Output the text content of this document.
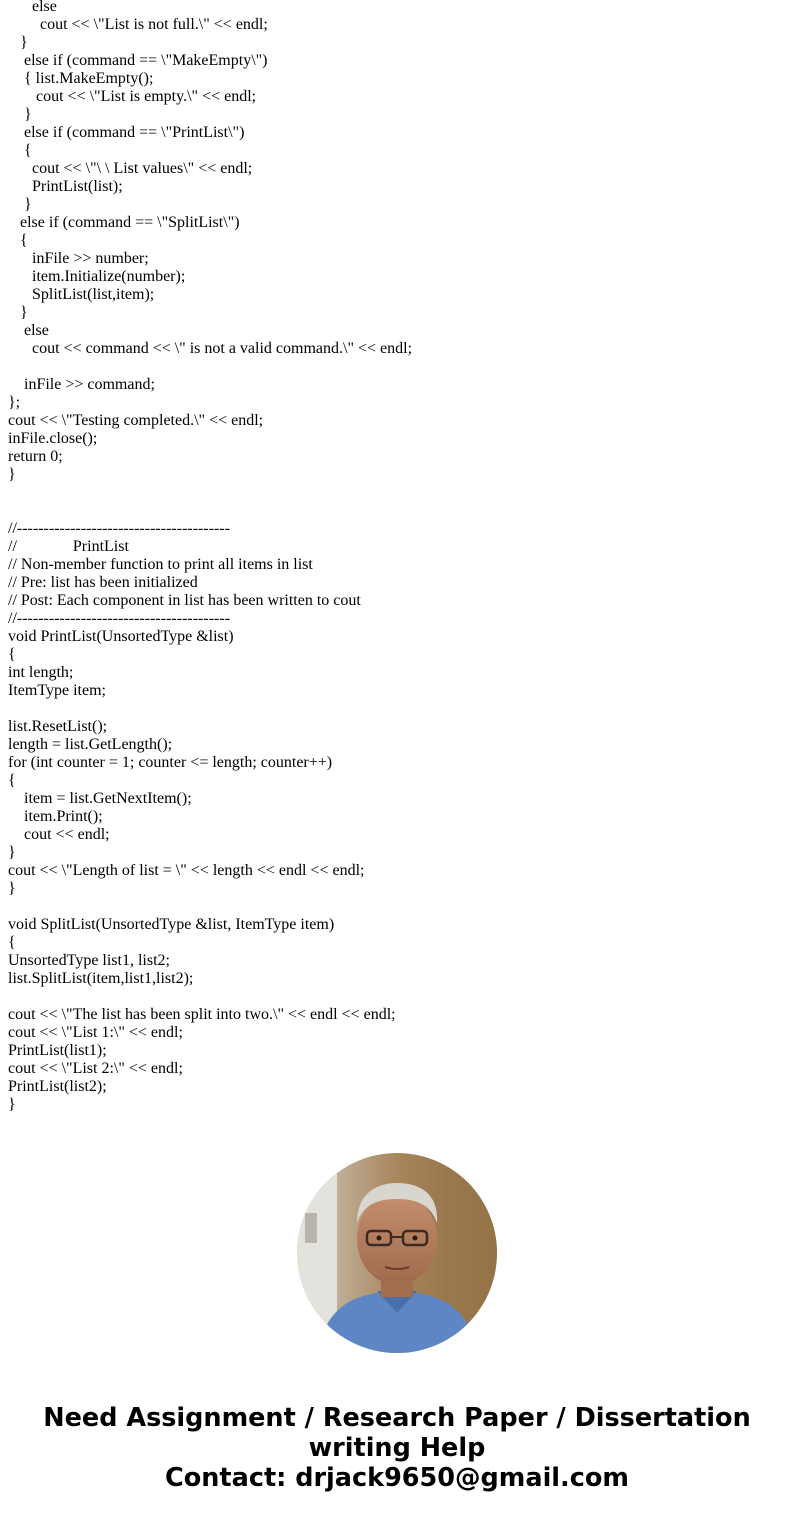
else
cout << \"List is not full.\" << endl;
}
else if (command == \"MakeEmpty\")
{ list.MakeEmpty();
cout << \"List is empty.\" << endl;
}
else if (command == \"PrintList\")
{
cout << \"\ \ List values\" << endl;
PrintList(list);
}
else if (command == \"SplitList\")
{
inFile >> number;
item.Initialize(number);
SplitList(list,item);
}
else
cout << command << \" is not a valid command.\" << endl;
inFile >> command;
};
cout << \"Testing completed.\" << endl;
inFile.close();
return 0;
}
//----------------------------------------
//              PrintList
// Non-member function to print all items in list
// Pre: list has been initialized
// Post: Each component in list has been written to cout
//----------------------------------------
void PrintList(UnsortedType &list)
{
int length;
ItemType item;
list.ResetList();
length = list.GetLength();
for (int counter = 1; counter <= length; counter++)
{
item = list.GetNextItem();
item.Print();
cout << endl;
}
cout << \"Length of list = \" << length << endl << endl;
}
void SplitList(UnsortedType &list, ItemType item)
{
UnsortedType list1, list2;
list.SplitList(item,list1,list2);
cout << \"The list has been split into two.\" << endl << endl;
cout << \"List 1:\" << endl;
PrintList(list1);
cout << \"List 2:\" << endl;
PrintList(list2);
}
Need Assignment / Research Paper / Dissertation
writing Help
Contact: drjack9650@gmail.com
